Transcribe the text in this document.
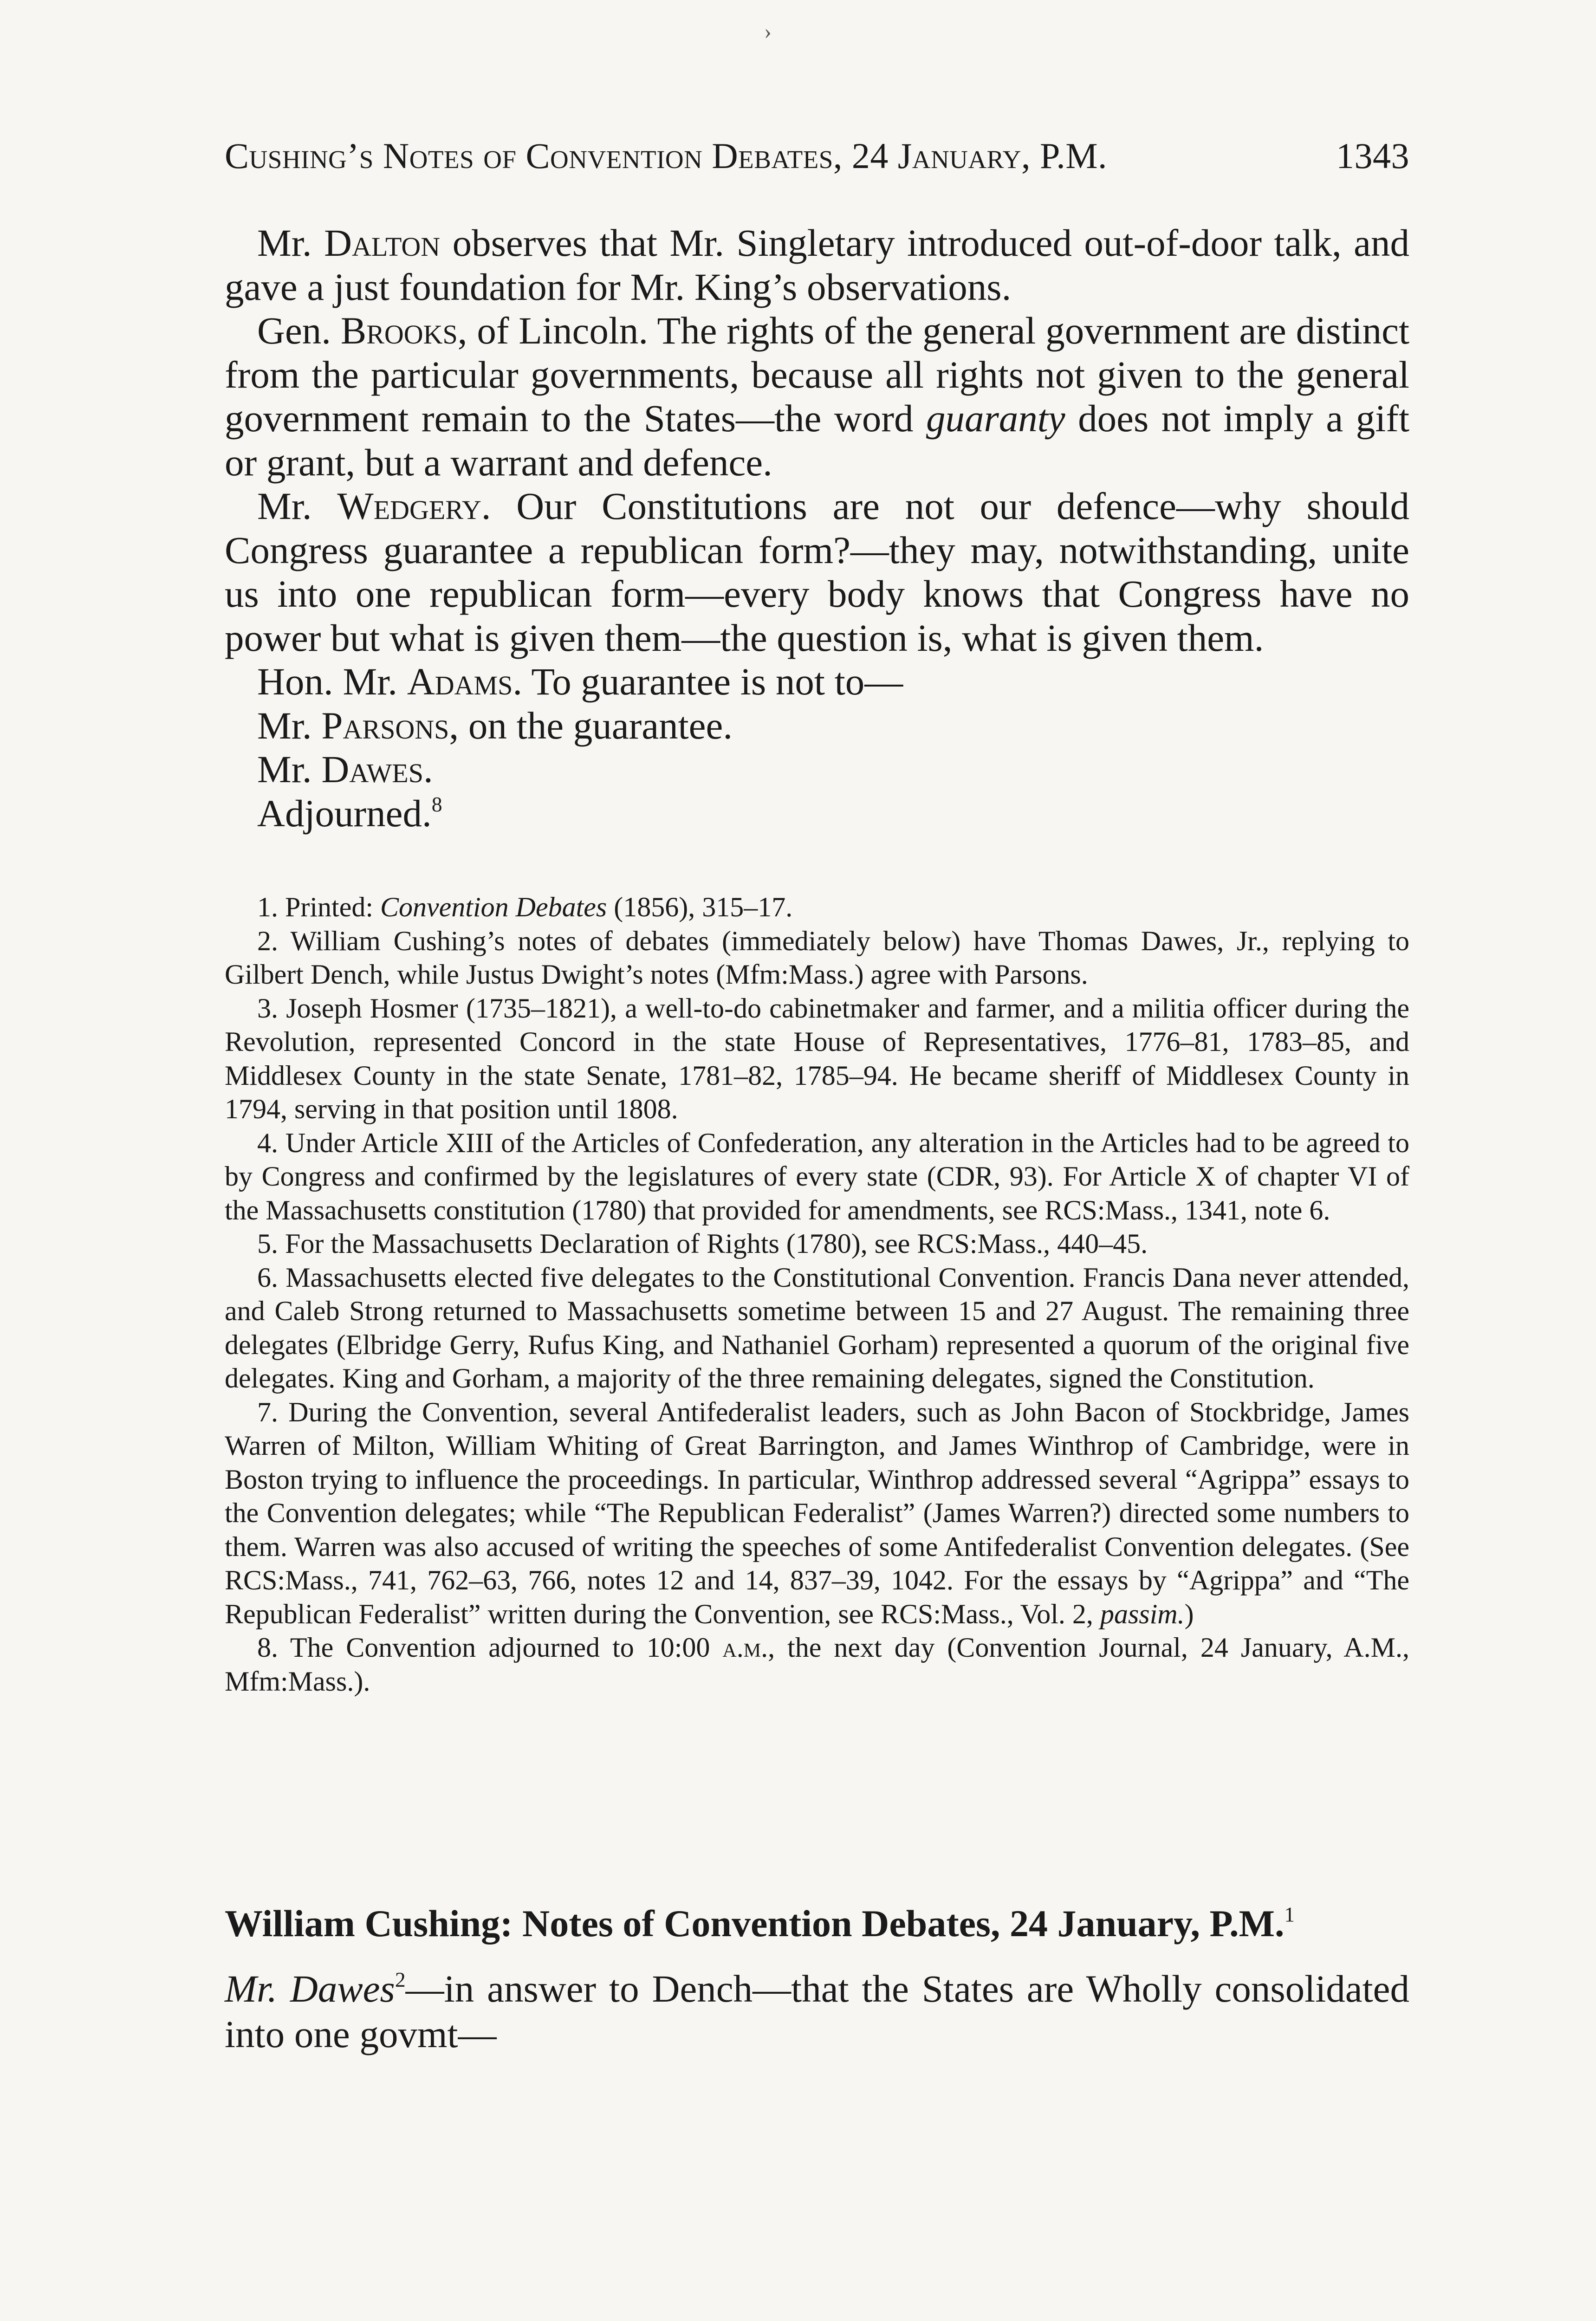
›
Cushing’s Notes of Convention Debates, 24 January, P.M.	1343

Mr. Dalton observes that Mr. Singletary introduced out-of-door talk, and gave a just foundation for Mr. King’s observations.

Gen. Brooks, of Lincoln. The rights of the general government are distinct from the particular governments, because all rights not given to the general government remain to the States—the word guaranty does not imply a gift or grant, but a warrant and defence.

Mr. Wedgery. Our Constitutions are not our defence—why should Congress guarantee a republican form?—they may, notwithstanding, unite us into one republican form—every body knows that Congress have no power but what is given them—the question is, what is given them.

Hon. Mr. Adams. To guarantee is not to—

Mr. Parsons, on the guarantee.

Mr. Dawes.

Adjourned.$^8$

1. Printed: Convention Debates (1856), 315–17.

2. William Cushing’s notes of debates (immediately below) have Thomas Dawes, Jr., replying to Gilbert Dench, while Justus Dwight’s notes (Mfm:Mass.) agree with Parsons.

3. Joseph Hosmer (1735–1821), a well-to-do cabinetmaker and farmer, and a militia officer during the Revolution, represented Concord in the state House of Representatives, 1776–81, 1783–85, and Middlesex County in the state Senate, 1781–82, 1785–94. He became sheriff of Middlesex County in 1794, serving in that position until 1808.

4. Under Article XIII of the Articles of Confederation, any alteration in the Articles had to be agreed to by Congress and confirmed by the legislatures of every state (CDR, 93). For Article X of chapter VI of the Massachusetts constitution (1780) that provided for amendments, see RCS:Mass., 1341, note 6.

5. For the Massachusetts Declaration of Rights (1780), see RCS:Mass., 440–45.

6. Massachusetts elected five delegates to the Constitutional Convention. Francis Dana never attended, and Caleb Strong returned to Massachusetts sometime between 15 and 27 August. The remaining three delegates (Elbridge Gerry, Rufus King, and Nathaniel Gorham) represented a quorum of the original five delegates. King and Gorham, a majority of the three remaining delegates, signed the Constitution.

7. During the Convention, several Antifederalist leaders, such as John Bacon of Stockbridge, James Warren of Milton, William Whiting of Great Barrington, and James Winthrop of Cambridge, were in Boston trying to influence the proceedings. In particular, Winthrop addressed several “Agrippa” essays to the Convention delegates; while “The Republican Federalist” (James Warren?) directed some numbers to them. Warren was also accused of writing the speeches of some Antifederalist Convention delegates. (See RCS:Mass., 741, 762–63, 766, notes 12 and 14, 837–39, 1042. For the essays by “Agrippa” and “The Republican Federalist” written during the Convention, see RCS:Mass., Vol. 2, passim.)

8. The Convention adjourned to 10:00 a.m., the next day (Convention Journal, 24 January, A.M., Mfm:Mass.).

William Cushing: Notes of Convention Debates, 24 January, P.M.$^1$

Mr. Dawes$^2$—in answer to Dench—that the States are Wholly consolidated into one govmt—
